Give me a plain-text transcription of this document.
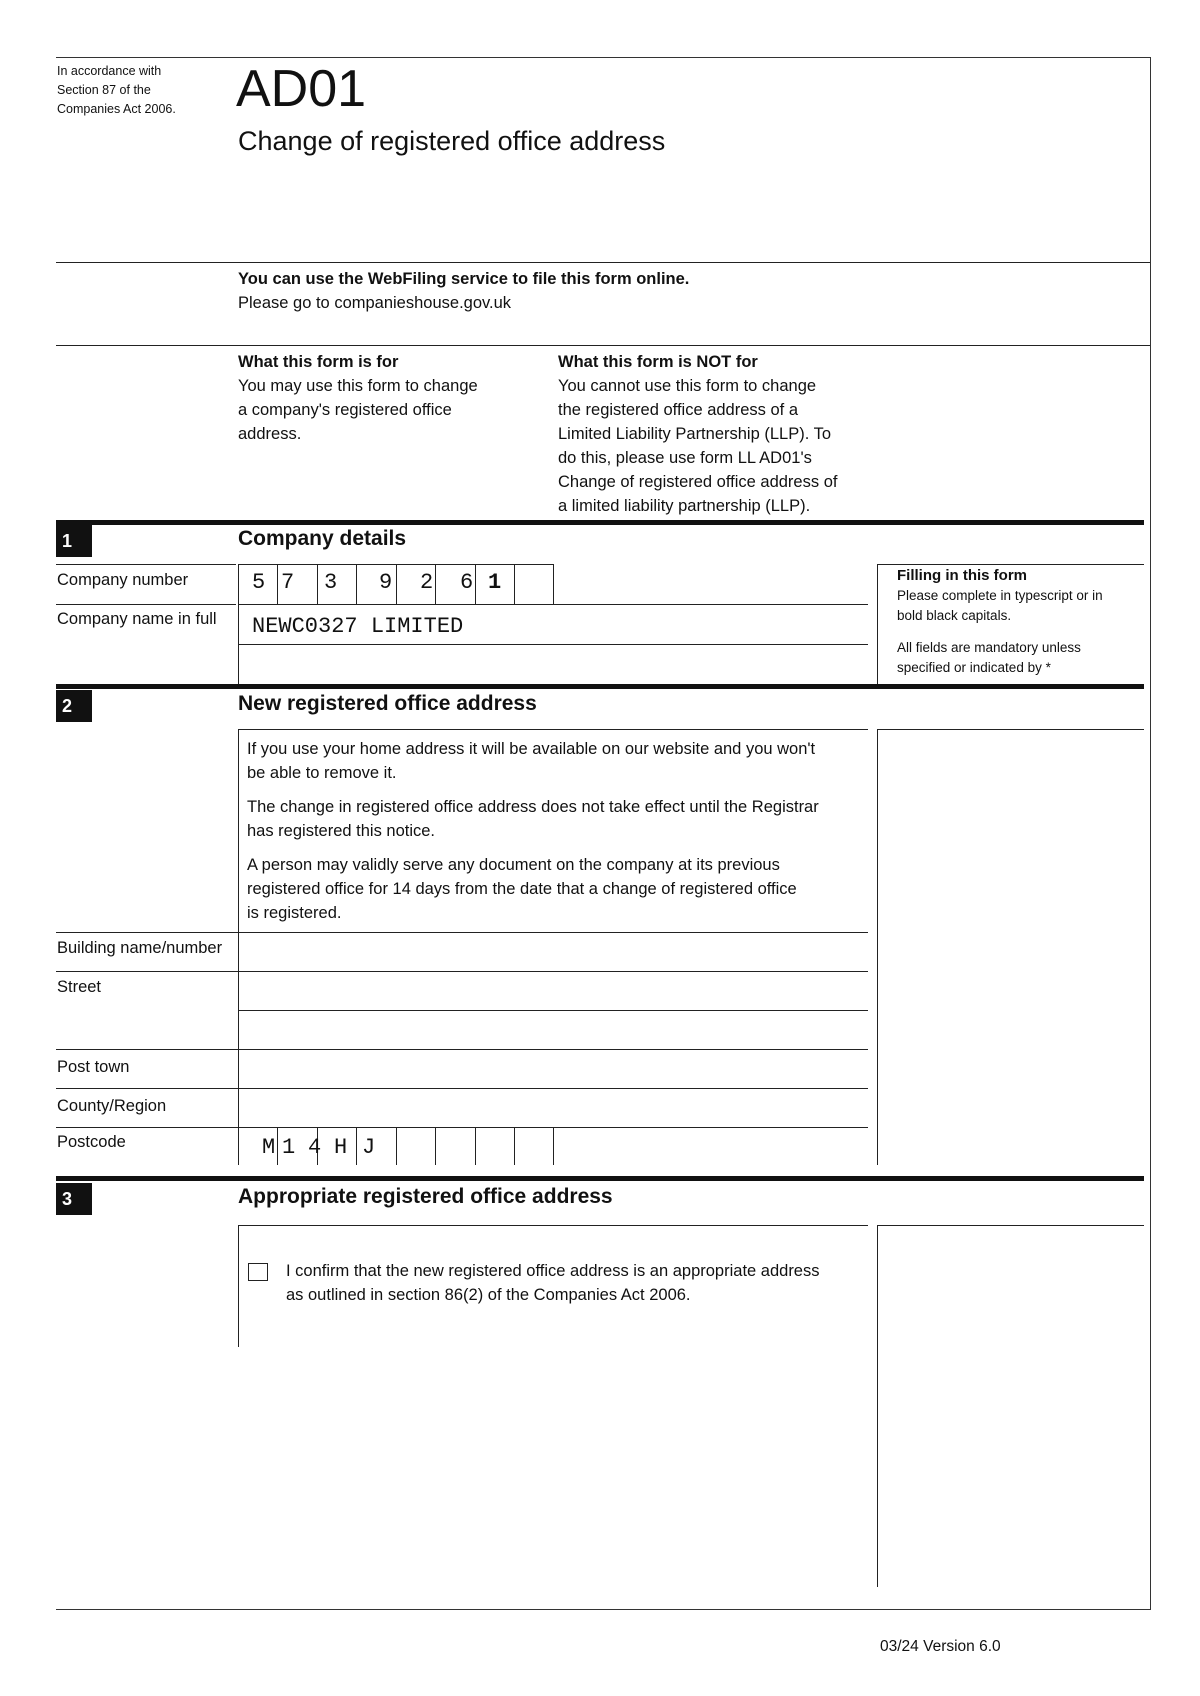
In accordance with
Section 87 of the
Companies Act 2006.	AD01
Change of registered office address
You can use the WebFiling service to file this form online.
Please go to companieshouse.gov.uk
What this form is for
You may use this form to change
a company's registered office
address.
What this form is NOT for
You cannot use this form to change
the registered office address of a
Limited Liability Partnership (LLP). To
do this, please use form LL AD01's
Change of registered office address of
a limited liability partnership (LLP).
1	Company details
Company number	5 7 3 9 2 6 1
Company name in full NEWC0327 LIMITED
Filling in this form
Please complete in typescript or in
bold black capitals.
All fields are mandatory unless
specified or indicated by *
2	New registered office address
If you use your home address it will be available on our website and you won't
be able to remove it.
The change in registered office address does not take effect until the Registrar
has registered this notice.
A person may validly serve any document on the company at its previous
registered office for 14 days from the date that a change of registered office
is registered.
Building name/number
Street
Post town
County/Region
Postcode	M 1 4 H J
3	Appropriate registered office address
I confirm that the new registered office address is an appropriate address
as outlined in section 86(2) of the Companies Act 2006.
03/24 Version 6.0
